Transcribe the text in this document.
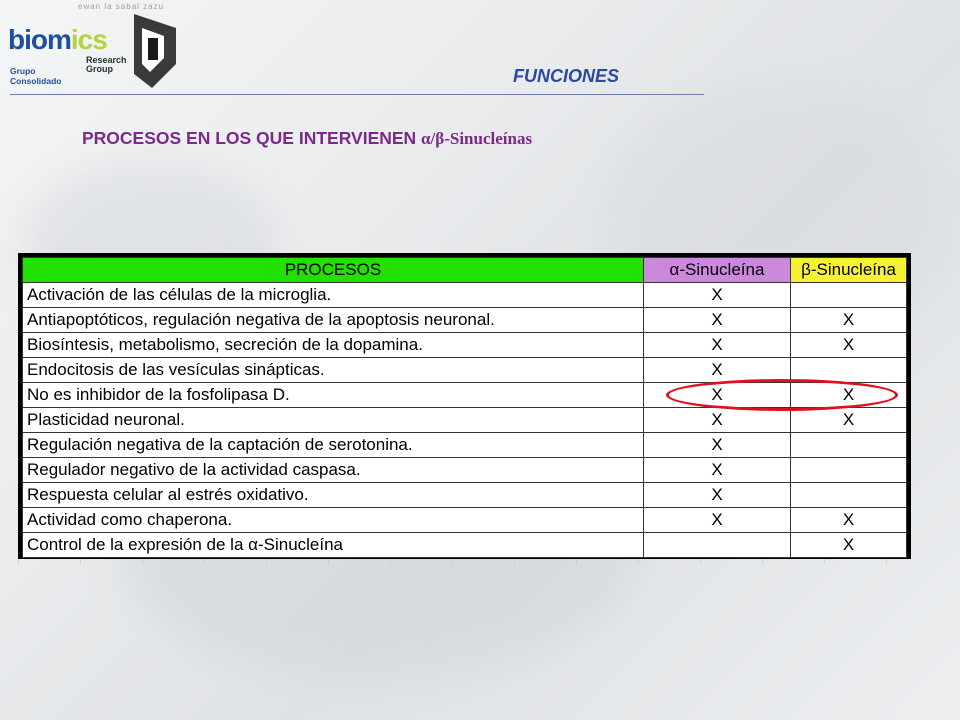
ewan la sabal zazu
biomics
Research
Group
Grupo
Consolidado	FUNCIONES
PROCESOS EN LOS QUE INTERVIENEN α/β-Sinucleínas
PROCESOS	α-Sinucleína	β-Sinucleína
Activación de las células de la microglia.	X	
Antiapoptóticos, regulación negativa de la apoptosis neuronal.	X	X
Biosíntesis, metabolismo, secreción de la dopamina.	X	X
Endocitosis de las vesículas sinápticas.	X	
No es inhibidor de la fosfolipasa D.	X	X
Plasticidad neuronal.	X	X
Regulación negativa de la captación de serotonina.	X	
Regulador negativo de la actividad caspasa.	X	
Respuesta celular al estrés oxidativo.	X	
Actividad como chaperona.	X	X
Control de la expresión de la α-Sinucleína		X
